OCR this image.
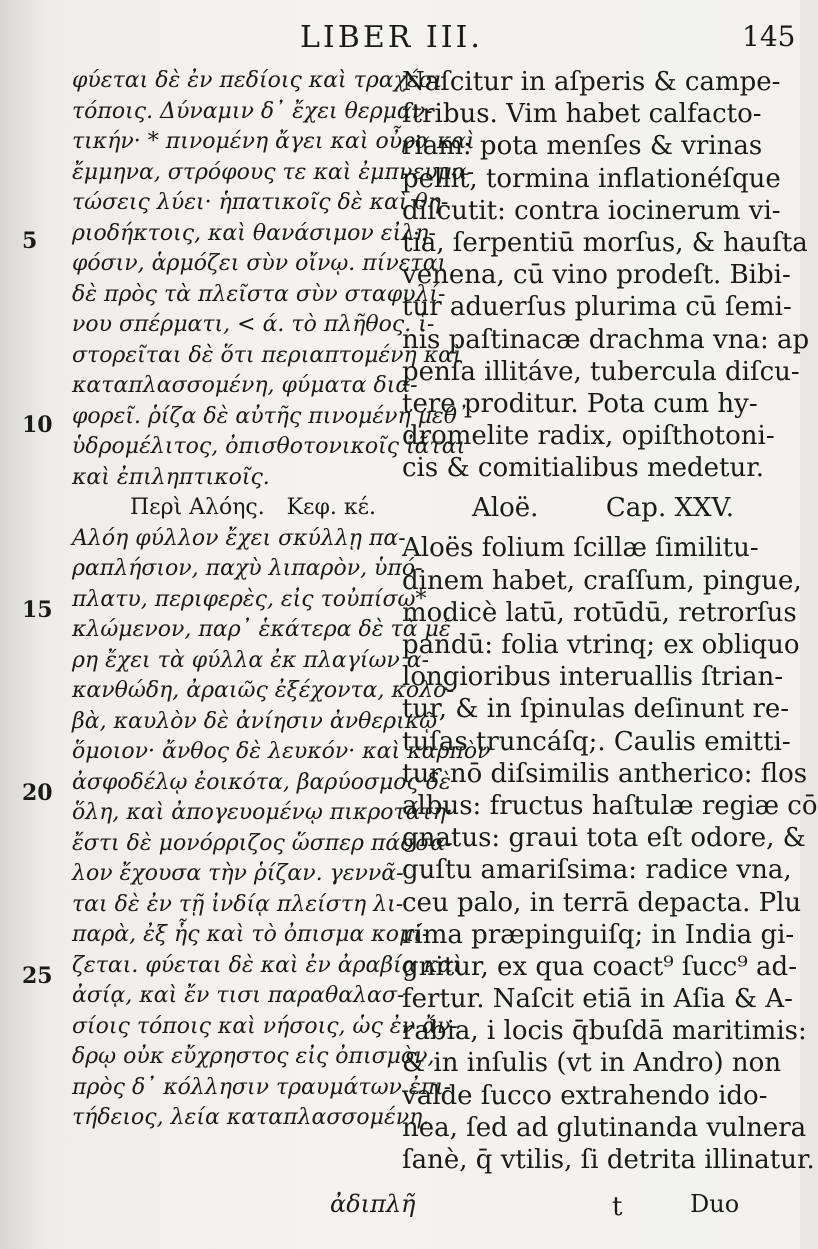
LIBER III.	145
5
10
15
20
25
φύεται δὲ ἐν πεδίοις καὶ τραχέσι
τόποις. Δύναμιν δ᾽ ἔχει θερμαν-
τικήν· * πινομένη ἄγει καὶ οὖρα καὶ
ἔμμηνα, στρόφους τε καὶ ἐμπνευμα-
τώσεις λύει· ἡπατικοῖς δὲ καὶ θη-
ριοδήκτοις, καὶ θανάσιμον εἰλη-
φόσιν, ἁρμόζει σὺν οἴνῳ. πίνεται
δὲ πρὸς τὰ πλεῖστα σὺν σταφυλί-
νου σπέρματι, < ά. τὸ πλῆθος. ἱ-
στορεῖται δὲ ὅτι περιαπτομένη καὶ
καταπλασσομένη, φύματα δια-
φορεῖ. ῥίζα δὲ αὐτῆς πινομένη μεθ᾽
ὑδρομέλιτος, ὀπισθοτονικοῖς ἰᾶται
καὶ ἐπιληπτικοῖς.
Περὶ Αλόης. Κεφ. κέ.
Αλόη φύλλον ἔχει σκύλλῃ πα-
ραπλήσιον, παχὺ λιπαρὸν, ὑπό-
πλατυ, περιφερὲς, εἰς τοὐπίσω*
κλώμενον, παρ᾽ ἑκάτερα δὲ τὰ μέ
ρη ἔχει τὰ φύλλα ἐκ πλαγίων ἀ-
κανθώδη, ἀραιῶς ἐξέχοντα, κολο-
βὰ, καυλὸν δὲ ἀνίησιν ἀνθερικῷ
ὅμοιον· ἄνθος δὲ λευκόν· καὶ καρπὸν
ἀσφοδέλῳ ἐοικότα, βαρύοσμος δὲ
ὅλη, καὶ ἀπογευομένῳ πικροτάτη·
ἔστι δὲ μονόρριζος ὥσπερ πάσσα-
λον ἔχουσα τὴν ῥίζαν. γεννᾶ-
ται δὲ ἐν τῇ ἰνδίᾳ πλείστη λι-
παρὰ, ἐξ ἧς καὶ τὸ ὀπισμα κομί-
ζεται. φύεται δὲ καὶ ἐν ἀραβίᾳ καὶ
ἀσίᾳ, καὶ ἔν τισι παραθαλασ-
σίοις τόποις καὶ νήσοις, ὡς ἐν ἄν-
δρῳ οὐκ εὔχρηστος εἰς ὀπισμὸν,
πρὸς δ᾽ κόλλησιν τραυμάτων ἐπι-
τήδειος, λεία καταπλασσομένη.
Naſcitur in aſperis & campe-
ſtribus. Vim habet calfacto-
riam: pota menſes & vrinas
pellit, tormina inflationéſque
diſcutit: contra iocinerum vi-
tia, ſerpentiū morſus, & hauſta
venena, cū vino prodeſt. Bibi-
tur aduerſus plurima cū ſemi-
nis paſtinacæ drachma vna: ap
penſa illitáve, tubercula diſcu-
tere proditur. Pota cum hy-
dromelite radix, opiſthotoni-
cis & comitialibus medetur.
Aloë.	Cap. XXV.
Aloës folium ſcillæ ſimilitu-
dinem habet, craſſum, pingue,
modicè latū, rotūdū, retrorſus
pandū: folia vtrinq; ex obliquo
longioribus interuallis ſtrian-
tur, & in ſpinulas deſinunt re-
tuſas truncáſq;. Caulis emitti-
tur nō diſsimilis antherico: flos
albus: fructus haſtulæ regiæ cō
gnatus: graui tota eſt odore, &
guſtu amariſsima: radice vna,
ceu palo, in terrā depacta. Plu
rima præpinguiſq; in India gi-
gnitur, ex qua coact⁹ ſucc⁹ ad-
fertur. Naſcit etiā in Aſia & A-
rabia, i locis q̄buſdā maritimis:
& in inſulis (vt in Andro) non
valde ſucco extrahendo ido-
nea, ſed ad glutinanda vulnera
ſanè, q̄ vtilis, ſi detrita illinatur.
ἀδιπλῆ	t	Duo
